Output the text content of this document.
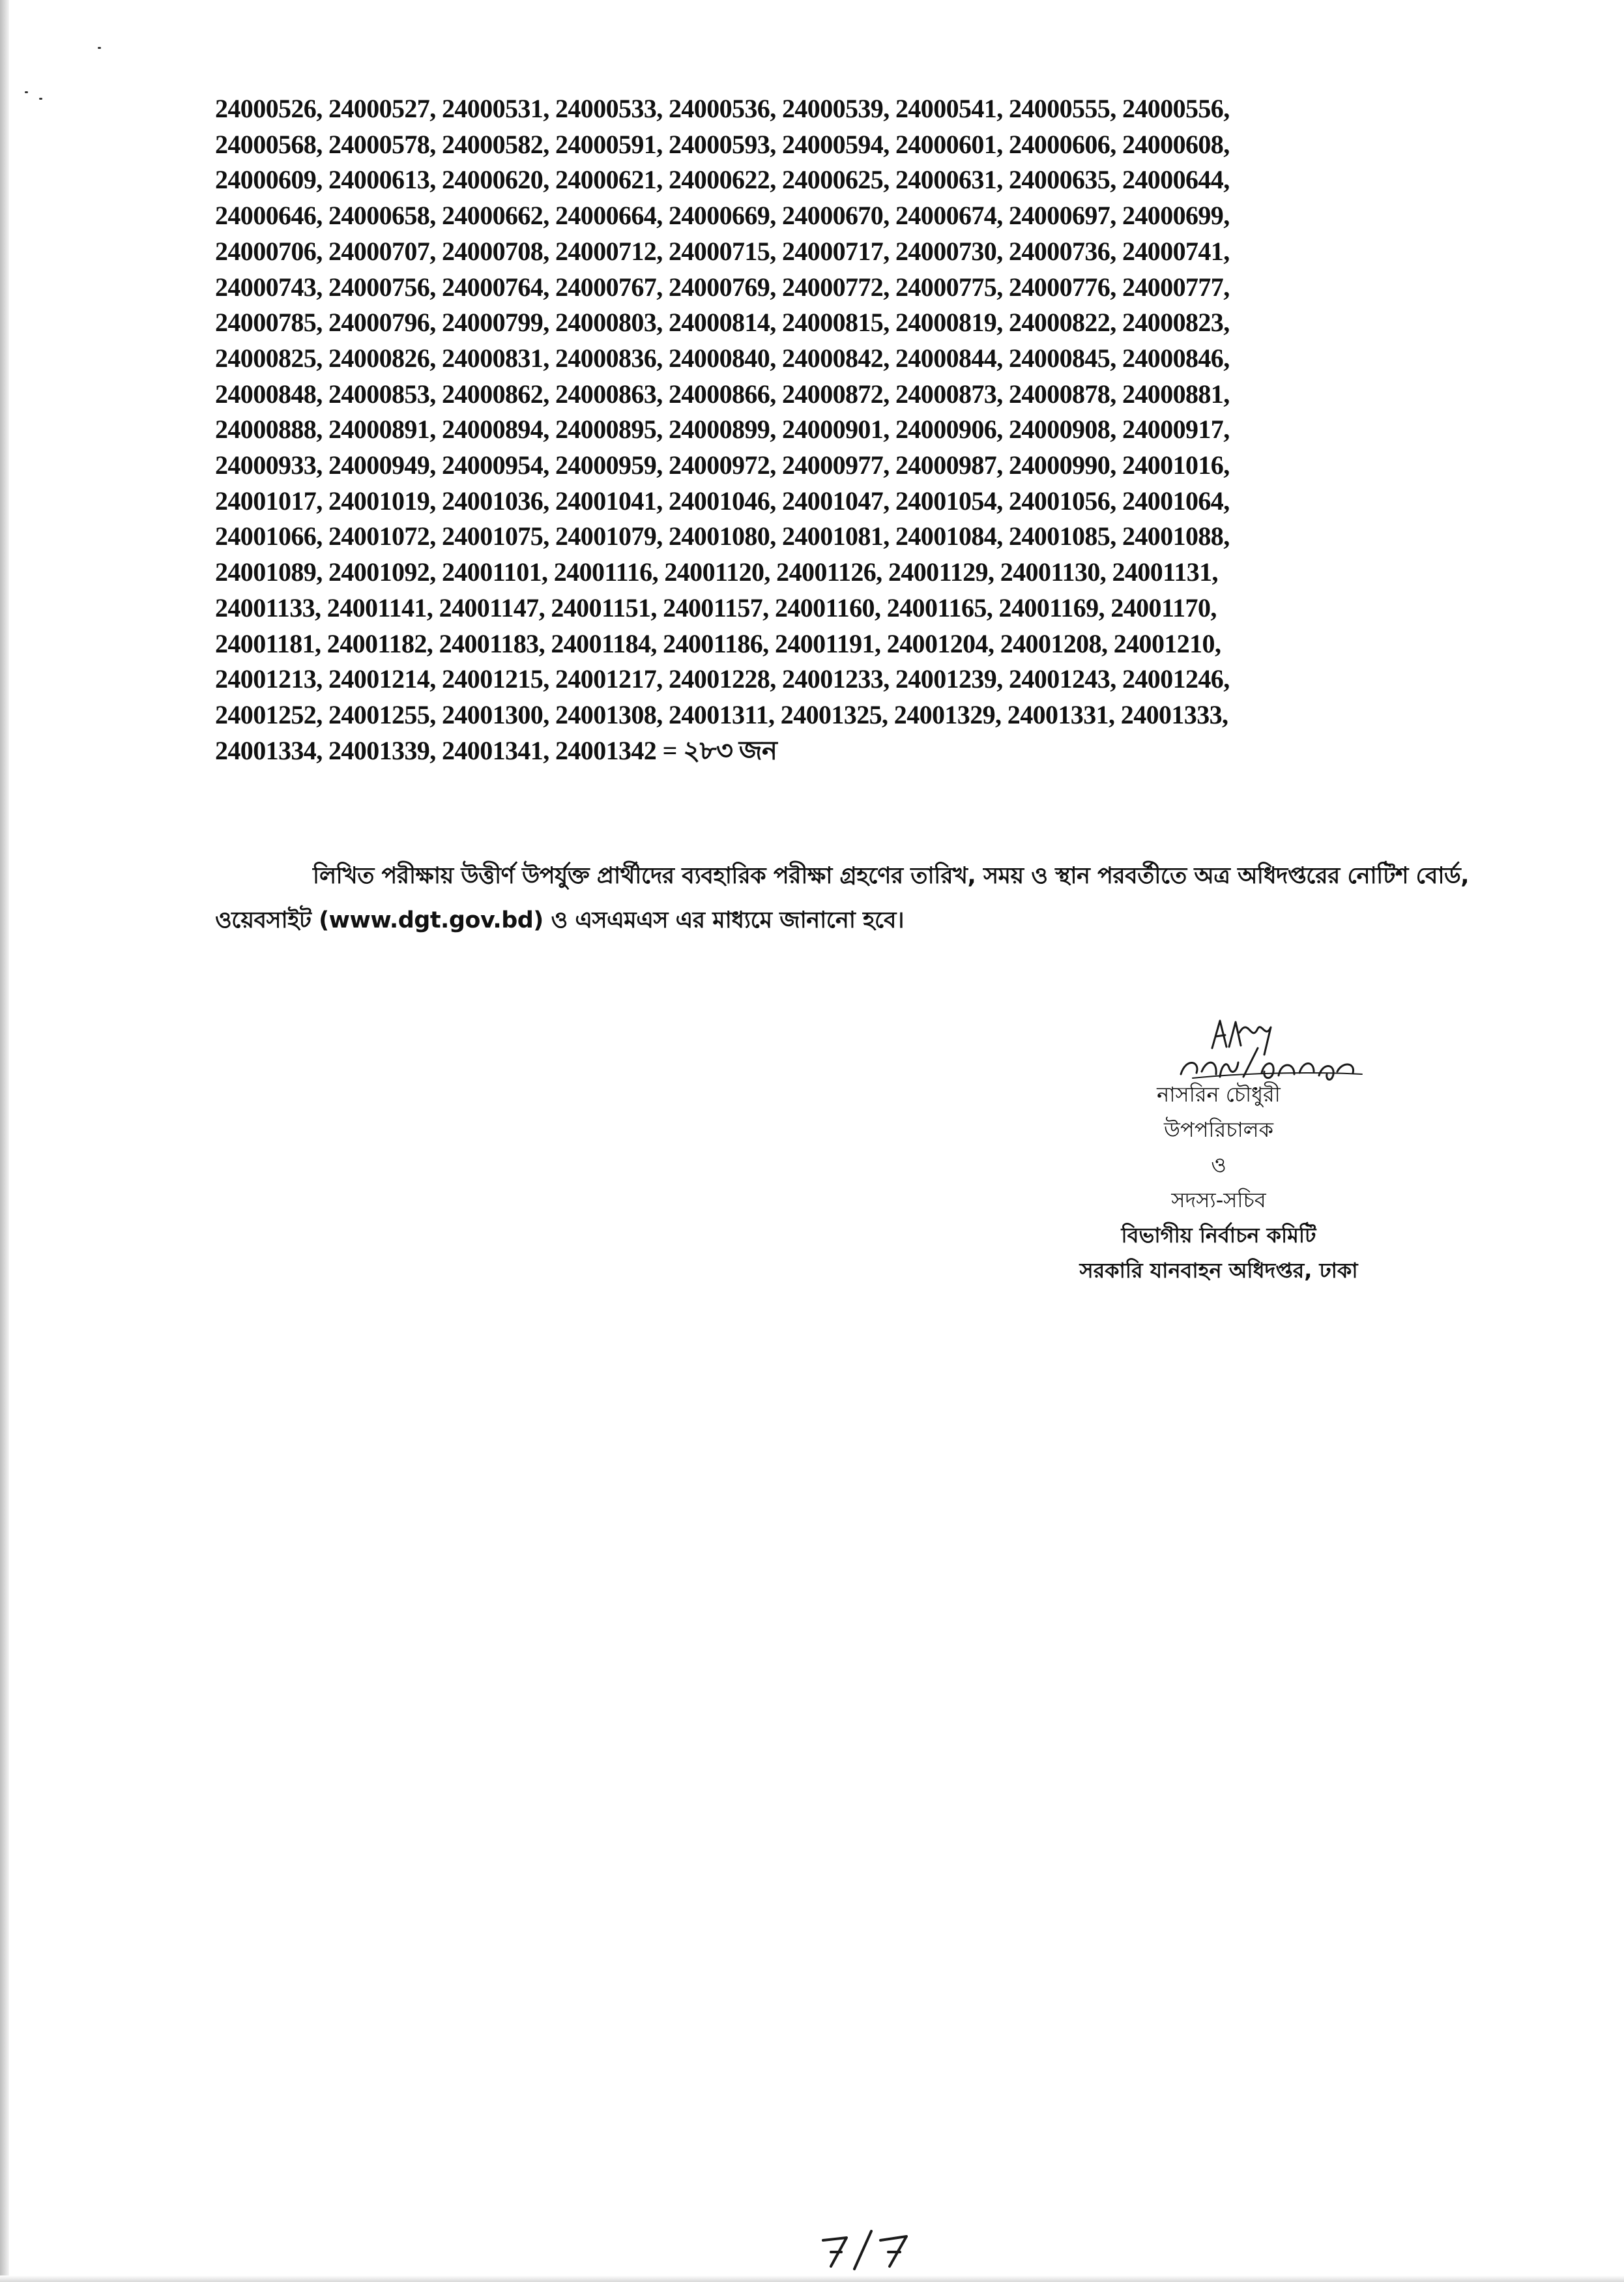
24000526, 24000527, 24000531, 24000533, 24000536, 24000539, 24000541, 24000555, 24000556,
24000568, 24000578, 24000582, 24000591, 24000593, 24000594, 24000601, 24000606, 24000608,
24000609, 24000613, 24000620, 24000621, 24000622, 24000625, 24000631, 24000635, 24000644,
24000646, 24000658, 24000662, 24000664, 24000669, 24000670, 24000674, 24000697, 24000699,
24000706, 24000707, 24000708, 24000712, 24000715, 24000717, 24000730, 24000736, 24000741,
24000743, 24000756, 24000764, 24000767, 24000769, 24000772, 24000775, 24000776, 24000777,
24000785, 24000796, 24000799, 24000803, 24000814, 24000815, 24000819, 24000822, 24000823,
24000825, 24000826, 24000831, 24000836, 24000840, 24000842, 24000844, 24000845, 24000846,
24000848, 24000853, 24000862, 24000863, 24000866, 24000872, 24000873, 24000878, 24000881,
24000888, 24000891, 24000894, 24000895, 24000899, 24000901, 24000906, 24000908, 24000917,
24000933, 24000949, 24000954, 24000959, 24000972, 24000977, 24000987, 24000990, 24001016,
24001017, 24001019, 24001036, 24001041, 24001046, 24001047, 24001054, 24001056, 24001064,
24001066, 24001072, 24001075, 24001079, 24001080, 24001081, 24001084, 24001085, 24001088,
24001089, 24001092, 24001101, 24001116, 24001120, 24001126, 24001129, 24001130, 24001131,
24001133, 24001141, 24001147, 24001151, 24001157, 24001160, 24001165, 24001169, 24001170,
24001181, 24001182, 24001183, 24001184, 24001186, 24001191, 24001204, 24001208, 24001210,
24001213, 24001214, 24001215, 24001217, 24001228, 24001233, 24001239, 24001243, 24001246,
24001252, 24001255, 24001300, 24001308, 24001311, 24001325, 24001329, 24001331, 24001333,
24001334, 24001339, 24001341, 24001342 = ২৮৩ জন
লিখিত পরীক্ষায় উত্তীর্ণ উপর্যুক্ত প্রার্থীদের ব্যবহারিক পরীক্ষা গ্রহণের তারিখ, সময় ও স্থান পরবর্তীতে অত্র অধিদপ্তরের নোটিশ বোর্ড,
ওয়েবসাইট (www.dgt.gov.bd) ও এসএমএস এর মাধ্যমে জানানো হবে।
নাসরিন চৌধুরী
উপপরিচালক
ও
সদস্য-সচিব
বিভাগীয় নির্বাচন কমিটি
সরকারি যানবাহন অধিদপ্তর, ঢাকা
